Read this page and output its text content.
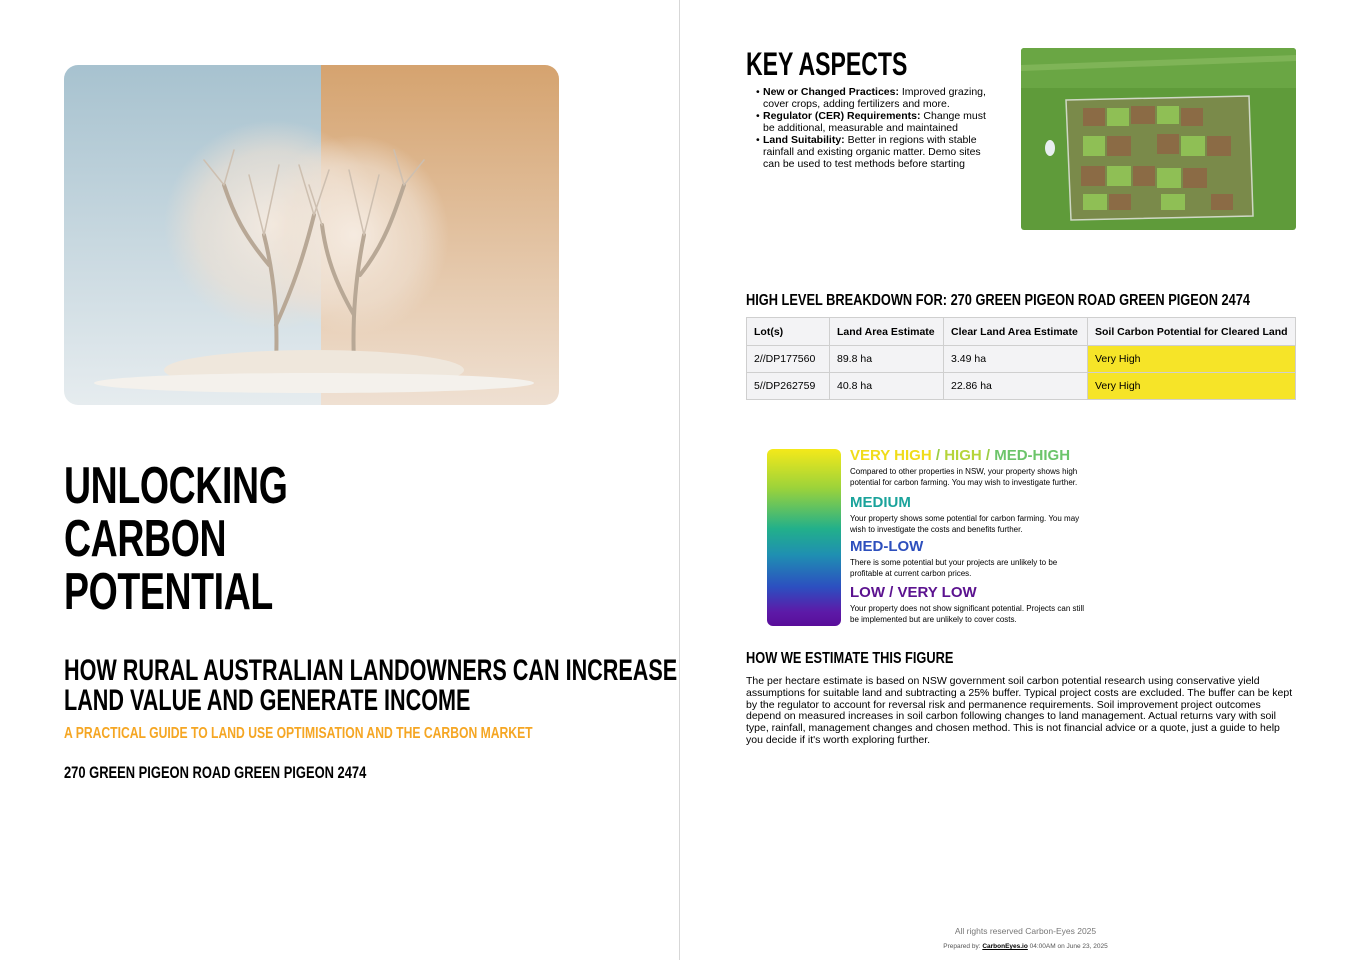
UNLOCKING
CARBON
POTENTIAL
HOW RURAL AUSTRALIAN LANDOWNERS CAN INCREASE
LAND VALUE AND GENERATE INCOME
A PRACTICAL GUIDE TO LAND USE OPTIMISATION AND THE CARBON MARKET
270 GREEN PIGEON ROAD GREEN PIGEON 2474
KEY ASPECTS
• New or Changed Practices: Improved grazing, cover crops, adding fertilizers and more.
• Regulator (CER) Requirements: Change must be additional, measurable and maintained
• Land Suitability: Better in regions with stable rainfall and existing organic matter. Demo sites can be used to test methods before starting
HIGH LEVEL BREAKDOWN FOR: 270 GREEN PIGEON ROAD GREEN PIGEON 2474
Lot(s)	Land Area Estimate	Clear Land Area Estimate	Soil Carbon Potential for Cleared Land
2//DP177560	89.8 ha	3.49 ha	Very High
5//DP262759	40.8 ha	22.86 ha	Very High
VERY HIGH / HIGH / MED-HIGH
Compared to other properties in NSW, your property shows high potential for carbon farming. You may wish to investigate further.
MEDIUM
Your property shows some potential for carbon farming. You may wish to investigate the costs and benefits further.
MED-LOW
There is some potential but your projects are unlikely to be profitable at current carbon prices.
LOW / VERY LOW
Your property does not show significant potential. Projects can still be implemented but are unlikely to cover costs.
HOW WE ESTIMATE THIS FIGURE
The per hectare estimate is based on NSW government soil carbon potential research using conservative yield assumptions for suitable land and subtracting a 25% buffer. Typical project costs are excluded. The buffer can be kept by the regulator to account for reversal risk and permanence requirements. Soil improvement project outcomes depend on measured increases in soil carbon following changes to land management. Actual returns vary with soil type, rainfall, management changes and chosen method. This is not financial advice or a quote, just a guide to help you decide if it's worth exploring further.
All rights reserved Carbon-Eyes 2025
Prepared by: CarbonEyes.io 04:00AM on June 23, 2025
